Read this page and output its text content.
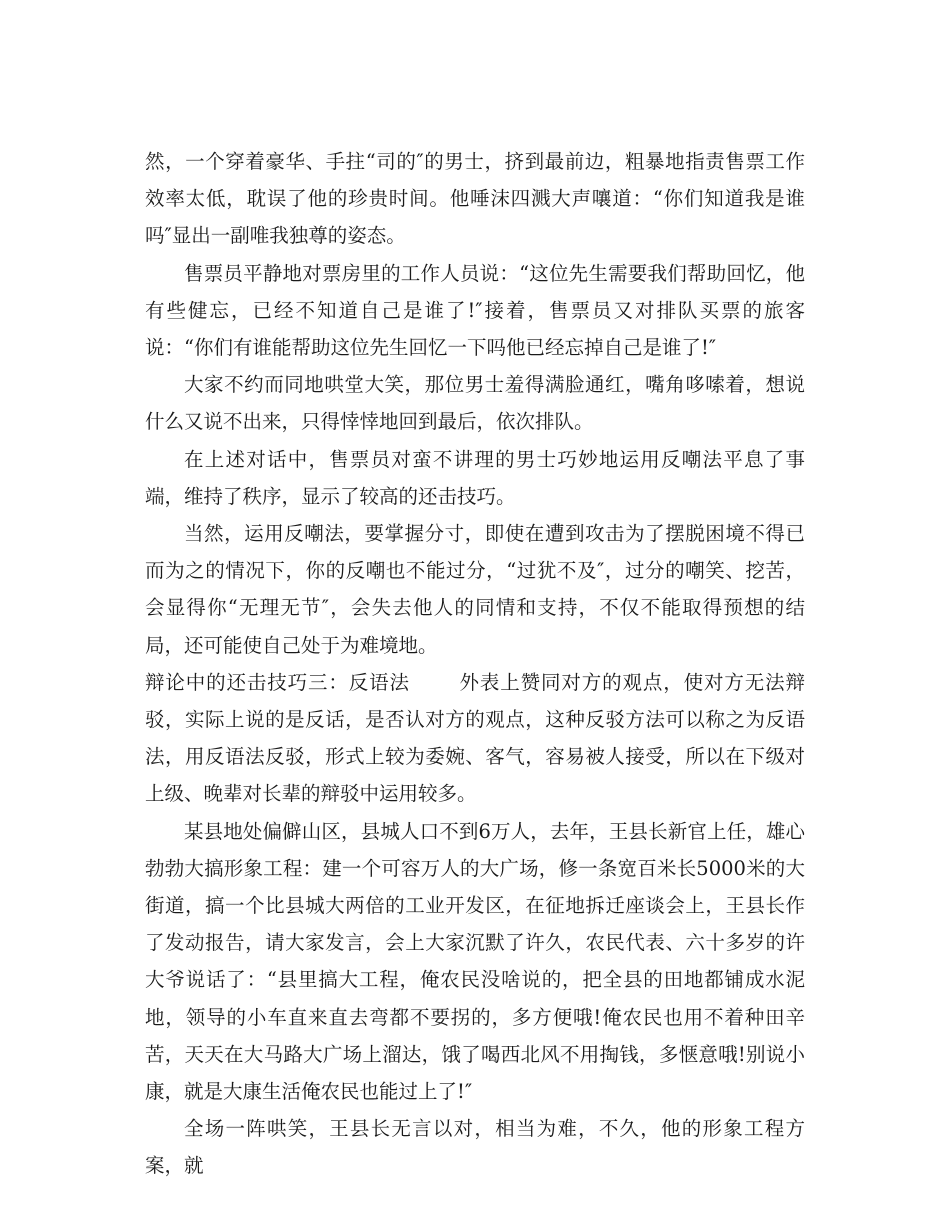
然，一个穿着豪华、手拄“司的″的男士，挤到最前边，粗暴地指责售票工作效率太低，耽误了他的珍贵时间。他唾沫四溅大声嚷道：“你们知道我是谁吗″显出一副唯我独尊的姿态。

售票员平静地对票房里的工作人员说：“这位先生需要我们帮助回忆，他有些健忘，已经不知道自己是谁了!″接着，售票员又对排队买票的旅客说：“你们有谁能帮助这位先生回忆一下吗他已经忘掉自己是谁了!″

大家不约而同地哄堂大笑，那位男士羞得满脸通红，嘴角哆嗦着，想说什么又说不出来，只得悻悻地回到最后，依次排队。

在上述对话中，售票员对蛮不讲理的男士巧妙地运用反嘲法平息了事端，维持了秩序，显示了较高的还击技巧。

当然，运用反嘲法，要掌握分寸，即使在遭到攻击为了摆脱困境不得已而为之的情况下，你的反嘲也不能过分，“过犹不及″，过分的嘲笑、挖苦，会显得你“无理无节″，会失去他人的同情和支持，不仅不能取得预想的结局，还可能使自己处于为难境地。

辩论中的还击技巧三：反语法	外表上赞同对方的观点，使对方无法辩驳，实际上说的是反话，是否认对方的观点，这种反驳方法可以称之为反语法，用反语法反驳，形式上较为委婉、客气，容易被人接受，所以在下级对上级、晚辈对长辈的辩驳中运用较多。

某县地处偏僻山区，县城人口不到6万人，去年，王县长新官上任，雄心勃勃大搞形象工程：建一个可容万人的大广场，修一条宽百米长5000米的大街道，搞一个比县城大两倍的工业开发区，在征地拆迁座谈会上，王县长作了发动报告，请大家发言，会上大家沉默了许久，农民代表、六十多岁的许大爷说话了：“县里搞大工程，俺农民没啥说的，把全县的田地都铺成水泥地，领导的小车直来直去弯都不要拐的，多方便哦!俺农民也用不着种田辛苦，天天在大马路大广场上溜达，饿了喝西北风不用掏钱，多惬意哦!别说小康，就是大康生活俺农民也能过上了!″

全场一阵哄笑，王县长无言以对，相当为难，不久，他的形象工程方案，就
